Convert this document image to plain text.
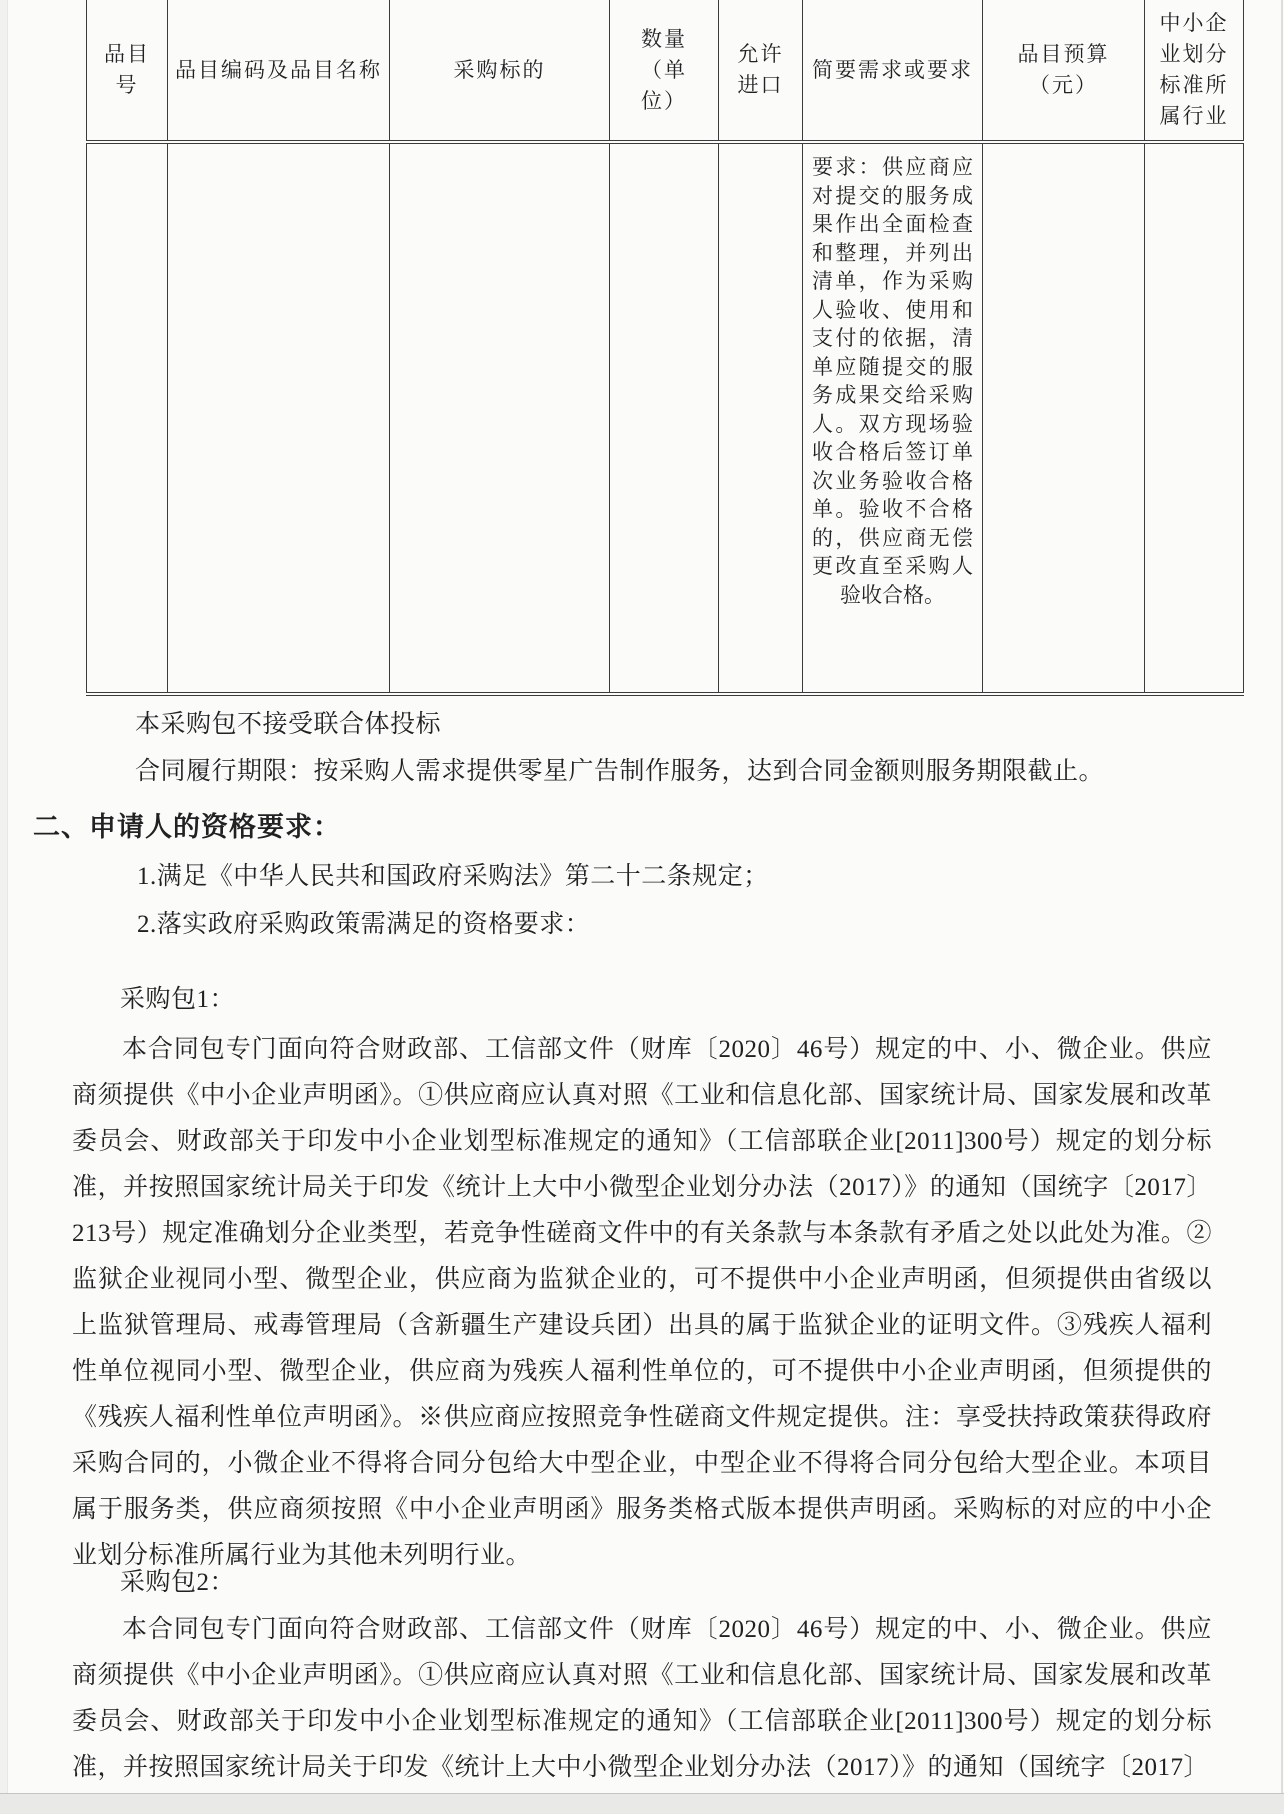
品目号
品目编码及品目名称	采购标的
数量（单位）
允许进口
简要需求或要求
品目预算（元）
中小企业划分标准所属行业
要求：供应商应对提交的服务成果作出全面检查和整理，并列出清单，作为采购人验收、使用和支付的依据，清单应随提交的服务成果交给采购人。双方现场验收合格后签订单次业务验收合格单。验收不合格的，供应商无偿更改直至采购人验收合格。
本采购包不接受联合体投标
合同履行期限：按采购人需求提供零星广告制作服务，达到合同金额则服务期限截止。
二、申请人的资格要求：
1.满足《中华人民共和国政府采购法》第二十二条规定；
2.落实政府采购政策需满足的资格要求：
采购包1：
本合同包专门面向符合财政部、工信部文件（财库〔2020〕46号）规定的中、小、微企业。供应商须提供《中小企业声明函》。①供应商应认真对照《工业和信息化部、国家统计局、国家发展和改革委员会、财政部关于印发中小企业划型标准规定的通知》（工信部联企业[2011]300号）规定的划分标准，并按照国家统计局关于印发《统计上大中小微型企业划分办法（2017）》的通知（国统字〔2017〕213号）规定准确划分企业类型，若竞争性磋商文件中的有关条款与本条款有矛盾之处以此处为准。②监狱企业视同小型、微型企业，供应商为监狱企业的，可不提供中小企业声明函，但须提供由省级以上监狱管理局、戒毒管理局（含新疆生产建设兵团）出具的属于监狱企业的证明文件。③残疾人福利性单位视同小型、微型企业，供应商为残疾人福利性单位的，可不提供中小企业声明函，但须提供的《残疾人福利性单位声明函》。※供应商应按照竞争性磋商文件规定提供。注：享受扶持政策获得政府采购合同的，小微企业不得将合同分包给大中型企业，中型企业不得将合同分包给大型企业。本项目属于服务类，供应商须按照《中小企业声明函》服务类格式版本提供声明函。采购标的对应的中小企业划分标准所属行业为其他未列明行业。
采购包2：
本合同包专门面向符合财政部、工信部文件（财库〔2020〕46号）规定的中、小、微企业。供应商须提供《中小企业声明函》。①供应商应认真对照《工业和信息化部、国家统计局、国家发展和改革委员会、财政部关于印发中小企业划型标准规定的通知》（工信部联企业[2011]300号）规定的划分标准，并按照国家统计局关于印发《统计上大中小微型企业划分办法（2017）》的通知（国统字〔2017〕
